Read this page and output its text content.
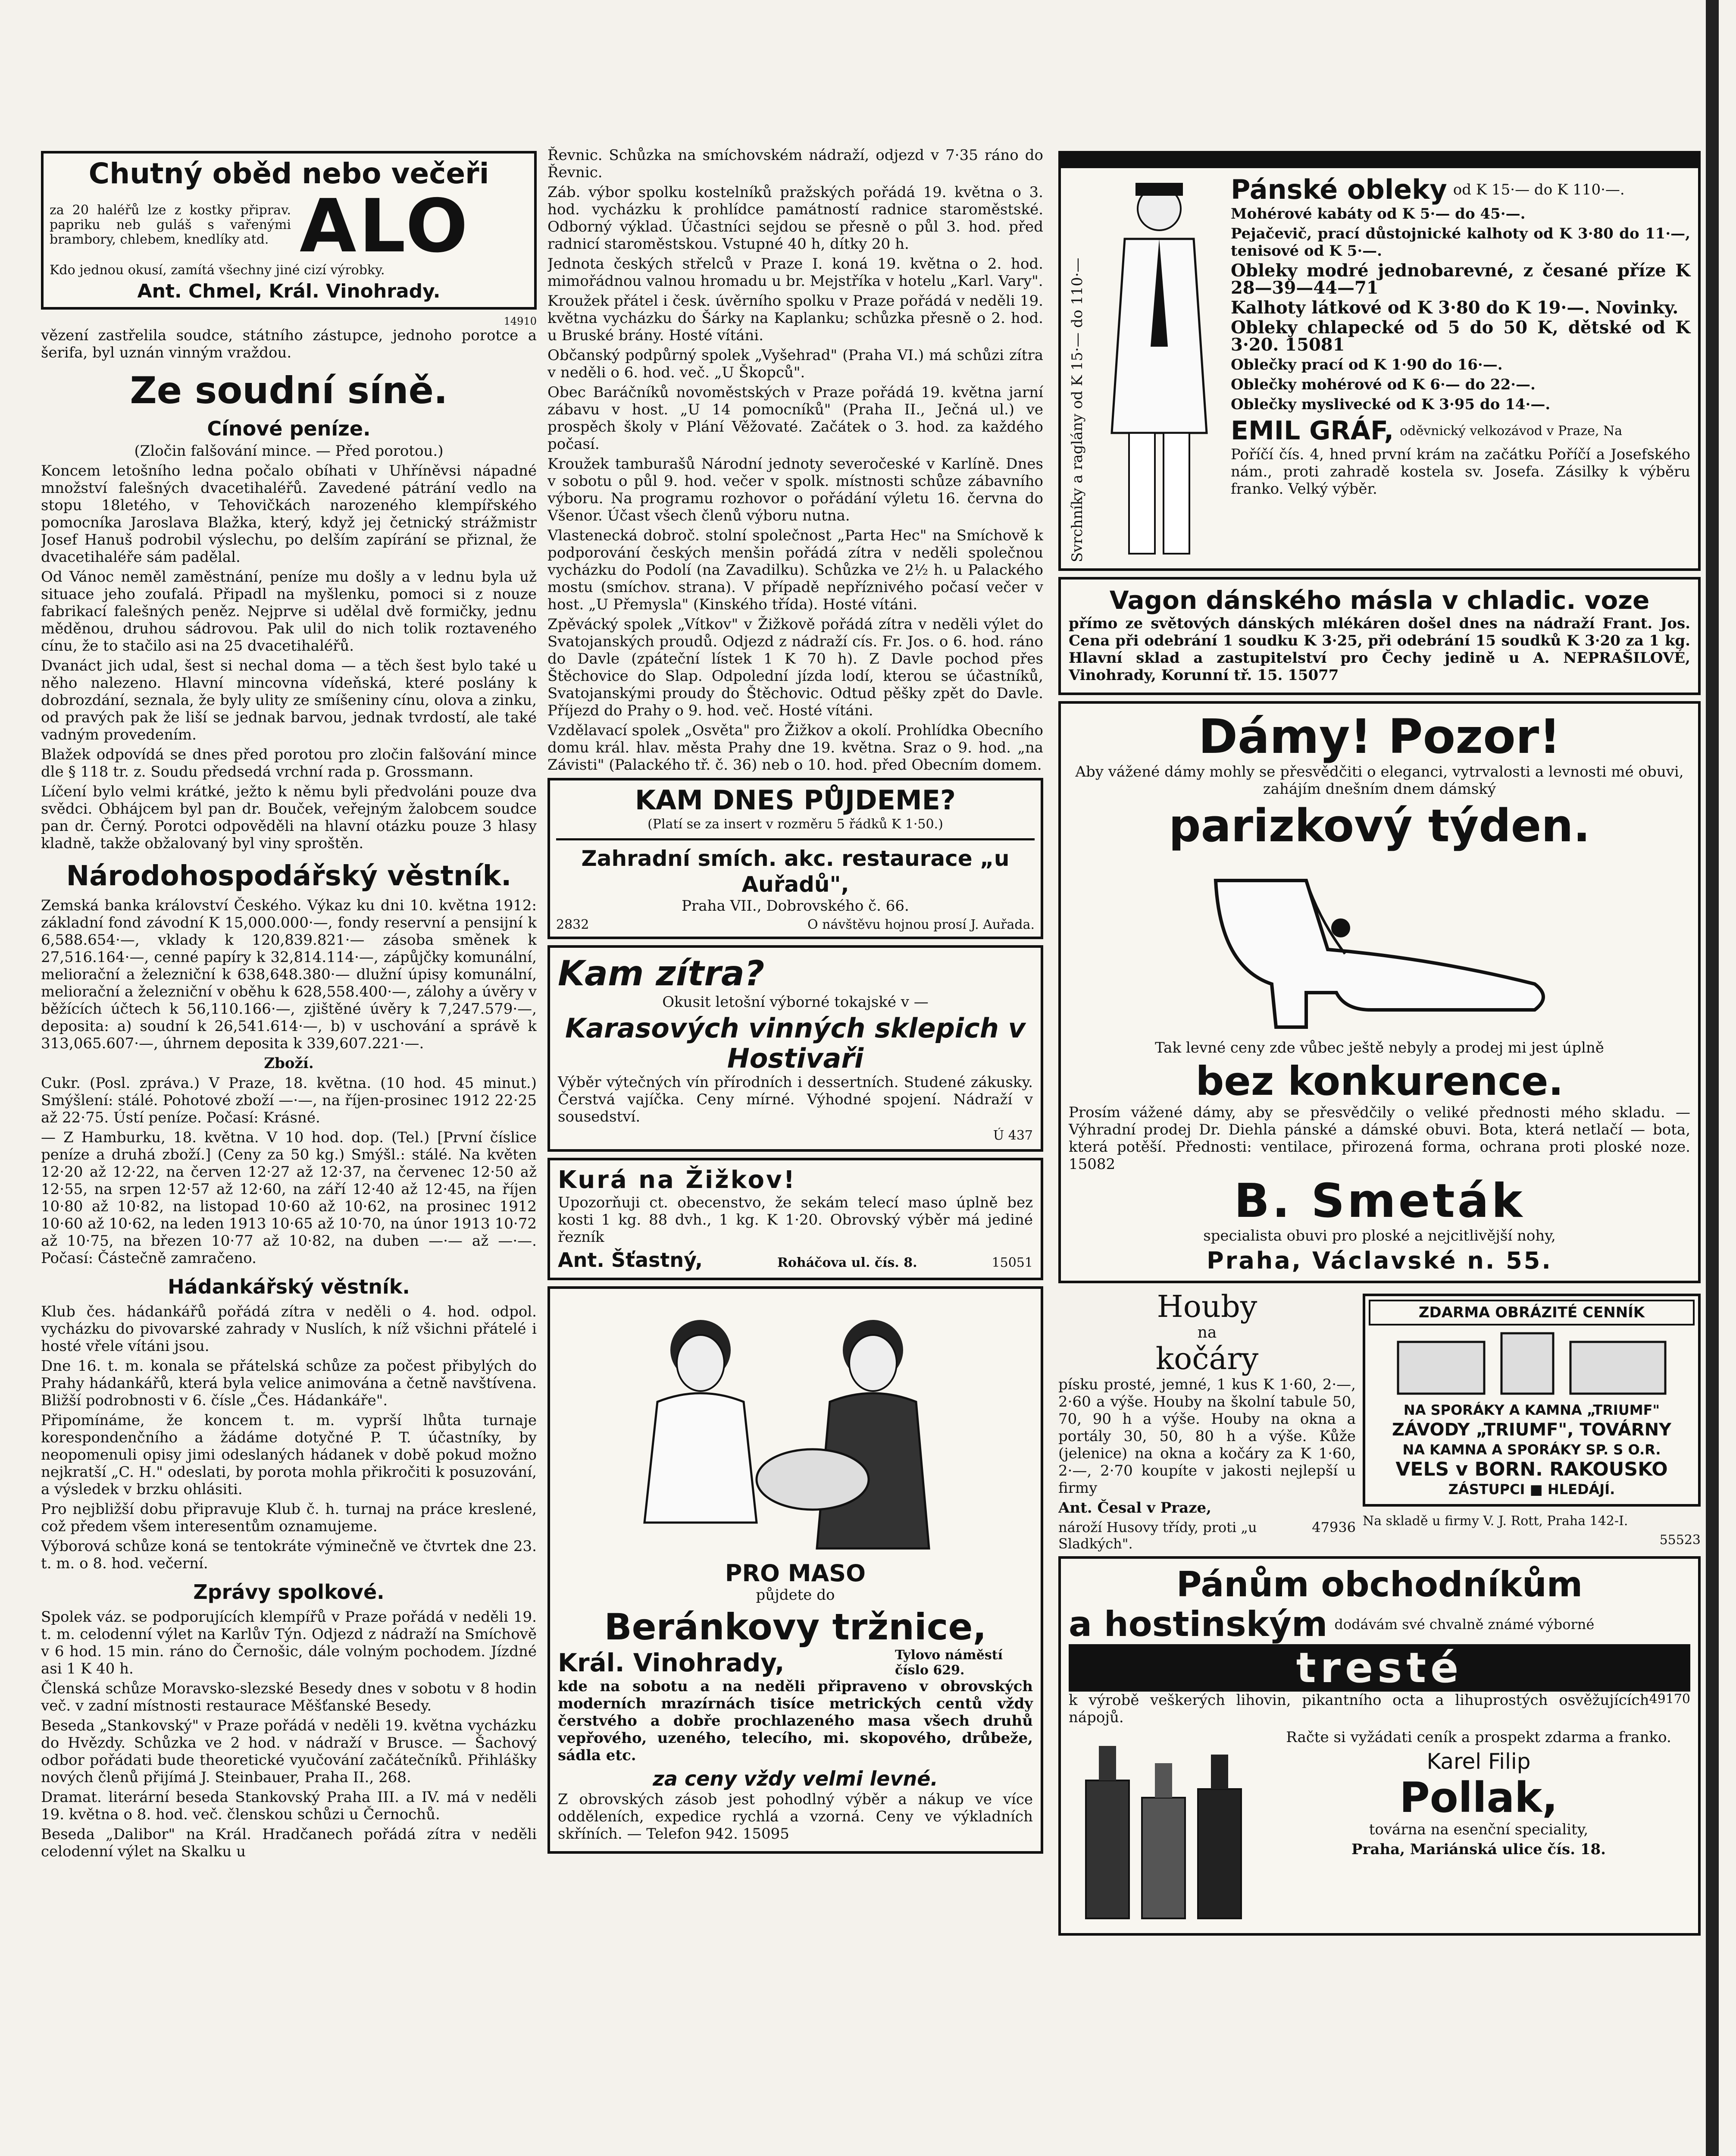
Chutný oběd nebo večeři

za 20 haléřů lze z kostky připrav. papriku neb guláš s vařenými brambory, chlebem, knedlíky atd. ALO

Kdo jednou okusí, zamítá všechny jiné cizí výrobky.

Ant. Chmel, Král. Vinohrady.
14910

vězení zastřelila soudce, státního zástupce, jednoho porotce a šerifa, byl uznán vinným vraždou.

Ze soudní síně.
Cínové peníze.

(Zločin falšování mince. — Před porotou.)

Koncem letošního ledna počalo obíhati v Uhříněvsi nápadné množství falešných dvacetihaléřů. Zavedené pátrání vedlo na stopu 18letého, v Tehovičkách narozeného klempířského pomocníka Jaroslava Blažka, který, když jej četnický strážmistr Josef Hanuš podrobil výslechu, po delším zapírání se přiznal, že dvacetihaléře sám padělal.

Od Vánoc neměl zaměstnání, peníze mu došly a v lednu byla už situace jeho zoufalá. Připadl na myšlenku, pomoci si z nouze fabrikací falešných peněz. Nejprve si udělal dvě formičky, jednu měděnou, druhou sádrovou. Pak ulil do nich tolik roztaveného cínu, že to stačilo asi na 25 dvacetihaléřů.

Dvanáct jich udal, šest si nechal doma — a těch šest bylo také u něho nalezeno. Hlavní mincovna vídeňská, které poslány k dobrozdání, seznala, že byly ulity ze smíšeniny cínu, olova a zinku, od pravých pak že liší se jednak barvou, jednak tvrdostí, ale také vadným provedením.

Blažek odpovídá se dnes před porotou pro zločin falšování mince dle § 118 tr. z. Soudu předsedá vrchní rada p. Grossmann.

Líčení bylo velmi krátké, ježto k němu byli předvoláni pouze dva svědci. Obhájcem byl pan dr. Bouček, veřejným žalobcem soudce pan dr. Černý. Porotci odpověděli na hlavní otázku pouze 3 hlasy kladně, takže obžalovaný byl viny sproštěn.

Národohospodářský věstník.

Zemská banka království Českého. Výkaz ku dni 10. května 1912: základní fond závodní K 15,000.000·—, fondy reservní a pensijní k 6,588.654·—, vklady k 120,839.821·— zásoba směnek k 27,516.164·—, cenné papíry k 32,814.114·—, zápůjčky komunální, meliorační a železniční k 638,648.380·— dlužní úpisy komunální, meliorační a železniční v oběhu k 628,558.400·—, zálohy a úvěry v běžících účtech k 56,110.166·—, zjištěné úvěry k 7,247.579·—, deposita: a) soudní k 26,541.614·—, b) v uschování a správě k 313,065.607·—, úhrnem deposita k 339,607.221·—.

Zboží.

Cukr. (Posl. zpráva.) V Praze, 18. května. (10 hod. 45 minut.) Smýšlení: stálé. Pohotové zboží —·—, na říjen-prosinec 1912 22·25 až 22·75. Ústí peníze. Počasí: Krásné.

— Z Hamburku, 18. května. V 10 hod. dop. (Tel.) [První číslice peníze a druhá zboží.] (Ceny za 50 kg.) Smýšl.: stálé. Na květen 12·20 až 12·22, na červen 12·27 až 12·37, na červenec 12·50 až 12·55, na srpen 12·57 až 12·60, na září 12·40 až 12·45, na říjen 10·80 až 10·82, na listopad 10·60 až 10·62, na prosinec 1912 10·60 až 10·62, na leden 1913 10·65 až 10·70, na únor 1913 10·72 až 10·75, na březen 10·77 až 10·82, na duben —·— až —·—. Počasí: Částečně zamračeno.

Hádankářský věstník.

Klub čes. hádankářů pořádá zítra v neděli o 4. hod. odpol. vycházku do pivovarské zahrady v Nuslích, k níž všichni přátelé i hosté vřele vítáni jsou.

Dne 16. t. m. konala se přátelská schůze za počest přibylých do Prahy hádankářů, která byla velice animována a četně navštívena. Bližší podrobnosti v 6. čísle „Čes. Hádankáře".

Připomínáme, že koncem t. m. vyprší lhůta turnaje korespondenčního a žádáme dotyčné P. T. účastníky, by neopomenuli opisy jimi odeslaných hádanek v době pokud možno nejkratší „C. H." odeslati, by porota mohla přikročiti k posuzování, a výsledek v brzku ohlásiti.

Pro nejbližší dobu připravuje Klub č. h. turnaj na práce kreslené, což předem všem interesentům oznamujeme.

Výborová schůze koná se tentokráte výminečně ve čtvrtek dne 23. t. m. o 8. hod. večerní.

Zprávy spolkové.

Spolek váz. se podporujících klempířů v Praze pořádá v neděli 19. t. m. celodenní výlet na Karlův Týn. Odjezd z nádraží na Smíchově v 6 hod. 15 min. ráno do Černošic, dále volným pochodem. Jízdné asi 1 K 40 h.

Členská schůze Moravsko-slezské Besedy dnes v sobotu v 8 hodin več. v zadní místnosti restaurace Měšťanské Besedy.

Beseda „Stankovský" v Praze pořádá v neděli 19. května vycházku do Hvězdy. Schůzka ve 2 hod. v nádraží v Brusce. — Šachový odbor pořádati bude theoretické vyučování začátečníků. Přihlášky nových členů přijímá J. Steinbauer, Praha II., 268.

Dramat. literární beseda Stankovský Praha III. a IV. má v neděli 19. května o 8. hod. več. členskou schůzi u Černochů.

Beseda „Dalibor" na Král. Hradčanech pořádá zítra v neděli celodenní výlet na Skalku u

Řevnic. Schůzka na smíchovském nádraží, odjezd v 7·35 ráno do Řevnic.

Záb. výbor spolku kostelníků pražských pořádá 19. května o 3. hod. vycházku k prohlídce památností radnice staroměstské. Odborný výklad. Účastníci sejdou se přesně o půl 3. hod. před radnicí staroměstskou. Vstupné 40 h, dítky 20 h.

Jednota českých střelců v Praze I. koná 19. května o 2. hod. mimořádnou valnou hromadu u br. Mejstříka v hotelu „Karl. Vary".

Kroužek přátel i česk. úvěrního spolku v Praze pořádá v neděli 19. května vycházku do Šárky na Kaplanku; schůzka přesně o 2. hod. u Bruské brány. Hosté vítáni.

Občanský podpůrný spolek „Vyšehrad" (Praha VI.) má schůzi zítra v neděli o 6. hod. več. „U Škopců".

Obec Baráčníků novoměstských v Praze pořádá 19. května jarní zábavu v host. „U 14 pomocníků" (Praha II., Ječná ul.) ve prospěch školy v Plání Věžovaté. Začátek o 3. hod. za každého počasí.

Kroužek tamburašů Národní jednoty severočeské v Karlíně. Dnes v sobotu o půl 9. hod. večer v spolk. místnosti schůze zábavního výboru. Na programu rozhovor o pořádání výletu 16. června do Všenor. Účast všech členů výboru nutna.

Vlastenecká dobroč. stolní společnost „Parta Hec" na Smíchově k podporování českých menšin pořádá zítra v neděli společnou vycházku do Podolí (na Zavadilku). Schůzka ve 2½ h. u Palackého mostu (smíchov. strana). V případě nepříznivého počasí večer v host. „U Přemysla" (Kinského třída). Hosté vítáni.

Zpěvácký spolek „Vítkov" v Žižkově pořádá zítra v neděli výlet do Svatojanských proudů. Odjezd z nádraží cís. Fr. Jos. o 6. hod. ráno do Davle (zpáteční lístek 1 K 70 h). Z Davle pochod přes Štěchovice do Slap. Odpolední jízda lodí, kterou se účastníků, Svatojanskými proudy do Štěchovic. Odtud pěšky zpět do Davle. Příjezd do Prahy o 9. hod. več. Hosté vítáni.

Vzdělavací spolek „Osvěta" pro Žižkov a okolí. Prohlídka Obecního domu král. hlav. města Prahy dne 19. května. Sraz o 9. hod. „na Závisti" (Palackého tř. č. 36) neb o 10. hod. před Obecním domem.

KAM DNES PŮJDEME?

(Platí se za insert v rozměru 5 řádků K 1·50.)

Zahradní smích. akc. restaurace „u Auřadů",

Praha VII., Dobrovského č. 66.

2832	O návštěvu hojnou prosí J. Auřada.
Kam zítra?

Okusit letošní výborné tokajské v —

Karasových vinných sklepich v Hostivaři

Výběr výtečných vín přírodních i dessertních. Studené zákusky. Čerstvá vajíčka. Ceny mírné. Výhodné spojení. Nádraží v sousedství.

Ú 437
Kurá na Žižkov!

Upozorňuji ct. obecenstvo, že sekám telecí maso úplně bez kosti 1 kg. 88 dvh., 1 kg. K 1·20. Obrovský výběr má jediné řezník

Ant. Šťastný,	Roháčova ul. čís. 8.	15051
PRO MASO

půjdete do

Beránkovy tržnice,
Král. Vinohrady,	Tylovo náměstí číslo 629.

kde na sobotu a na neděli připraveno v obrovských moderních mrazírnách tisíce metrických centů vždy čerstvého a dobře prochlazeného masa všech druhů vepřového, uzeného, telecího, mi. skopového, drůbeže, sádla etc.

za ceny vždy velmi levné.

Z obrovských zásob jest pohodlný výběr a nákup ve více odděleních, expedice rychlá a vzorná. Ceny ve výkladních skříních. — Telefon 942. 15095

Svrchníky a raglány od K 15·— do 110·—
Pánské obleky od K 15·— do K 110·—.

Mohérové kabáty od K 5·— do 45·—.

Pejačevič, prací důstojnické kalhoty od K 3·80 do 11·—, tenisové od K 5·—.

Obleky modré jednobarevné, z česané příze K 28—39—44—71

Kalhoty látkové od K 3·80 do K 19·—. Novinky.

Obleky chlapecké od 5 do 50 K, dětské od K 3·20. 15081

Oblečky prací od K 1·90 do 16·—.

Oblečky mohérové od K 6·— do 22·—.

Oblečky myslivecké od K 3·95 do 14·—.

EMIL GRÁF, oděvnický velkozávod v Praze, Na

Poříčí čís. 4, hned první krám na začátku Poříčí a Josefského nám., proti zahradě kostela sv. Josefa. Zásilky k výběru franko. Velký výběr.

Vagon dánského másla v chladic. voze

přímo ze světových dánských mlékáren došel dnes na nádraží Frant. Jos. Cena při odebrání 1 soudku K 3·25, při odebrání 15 soudků K 3·20 za 1 kg. Hlavní sklad a zastupitelství pro Čechy jedině u A. NEPRAŠILOVÉ, Vinohrady, Korunní tř. 15. 15077

Dámy! Pozor!

Aby vážené dámy mohly se přesvědčiti o eleganci, vytrvalosti a levnosti mé obuvi, zahájím dnešním dnem dámský

parizkový týden.

Tak levné ceny zde vůbec ještě nebyly a prodej mi jest úplně

bez konkurence.

Prosím vážené dámy, aby se přesvědčily o veliké přednosti mého skladu. — Výhradní prodej Dr. Diehla pánské a dámské obuvi. Bota, která netlačí — bota, která potěší. Přednosti: ventilace, přirozená forma, ochrana proti ploské noze. 15082

B. Smeták

specialista obuvi pro ploské a nejcitlivější nohy,

Praha, Václavské n. 55.
Houby
na
kočáry

písku prosté, jemné, 1 kus K 1·60, 2·—, 2·60 a výše. Houby na školní tabule 50, 70, 90 h a výše. Houby na okna a portály 30, 50, 80 h a výše. Kůže (jelenice) na okna a kočáry za K 1·60, 2·—, 2·70 koupíte v jakosti nejlepší u firmy

Ant. Česal v Praze,

nároží Husovy třídy, proti „u Sladkých".
47936
ZDARMA OBRÁZITÉ CENNÍK

NA SPORÁKY A KAMNA „TRIUMF"

ZÁVODY „TRIUMF", TOVÁRNY

NA KAMNA A SPORÁKY SP. S O.R.

VELS v BORN. RAKOUSKO

ZÁSTUPCI ■ HLEDÁJÍ.

Na skladě u firmy V. J. Rott, Praha 142-I.

55523
Pánům obchodníkům
a hostinským dodávám své chvalně známé výborné
tresté

k výrobě veškerých lihovin, pikantního octa a lihuprostých osvěžujících nápojů.

49170

Račte si vyžádati ceník a prospekt zdarma a franko.

Karel Filip
Pollak,

továrna na esenční speciality,

Praha, Mariánská ulice čís. 18.
